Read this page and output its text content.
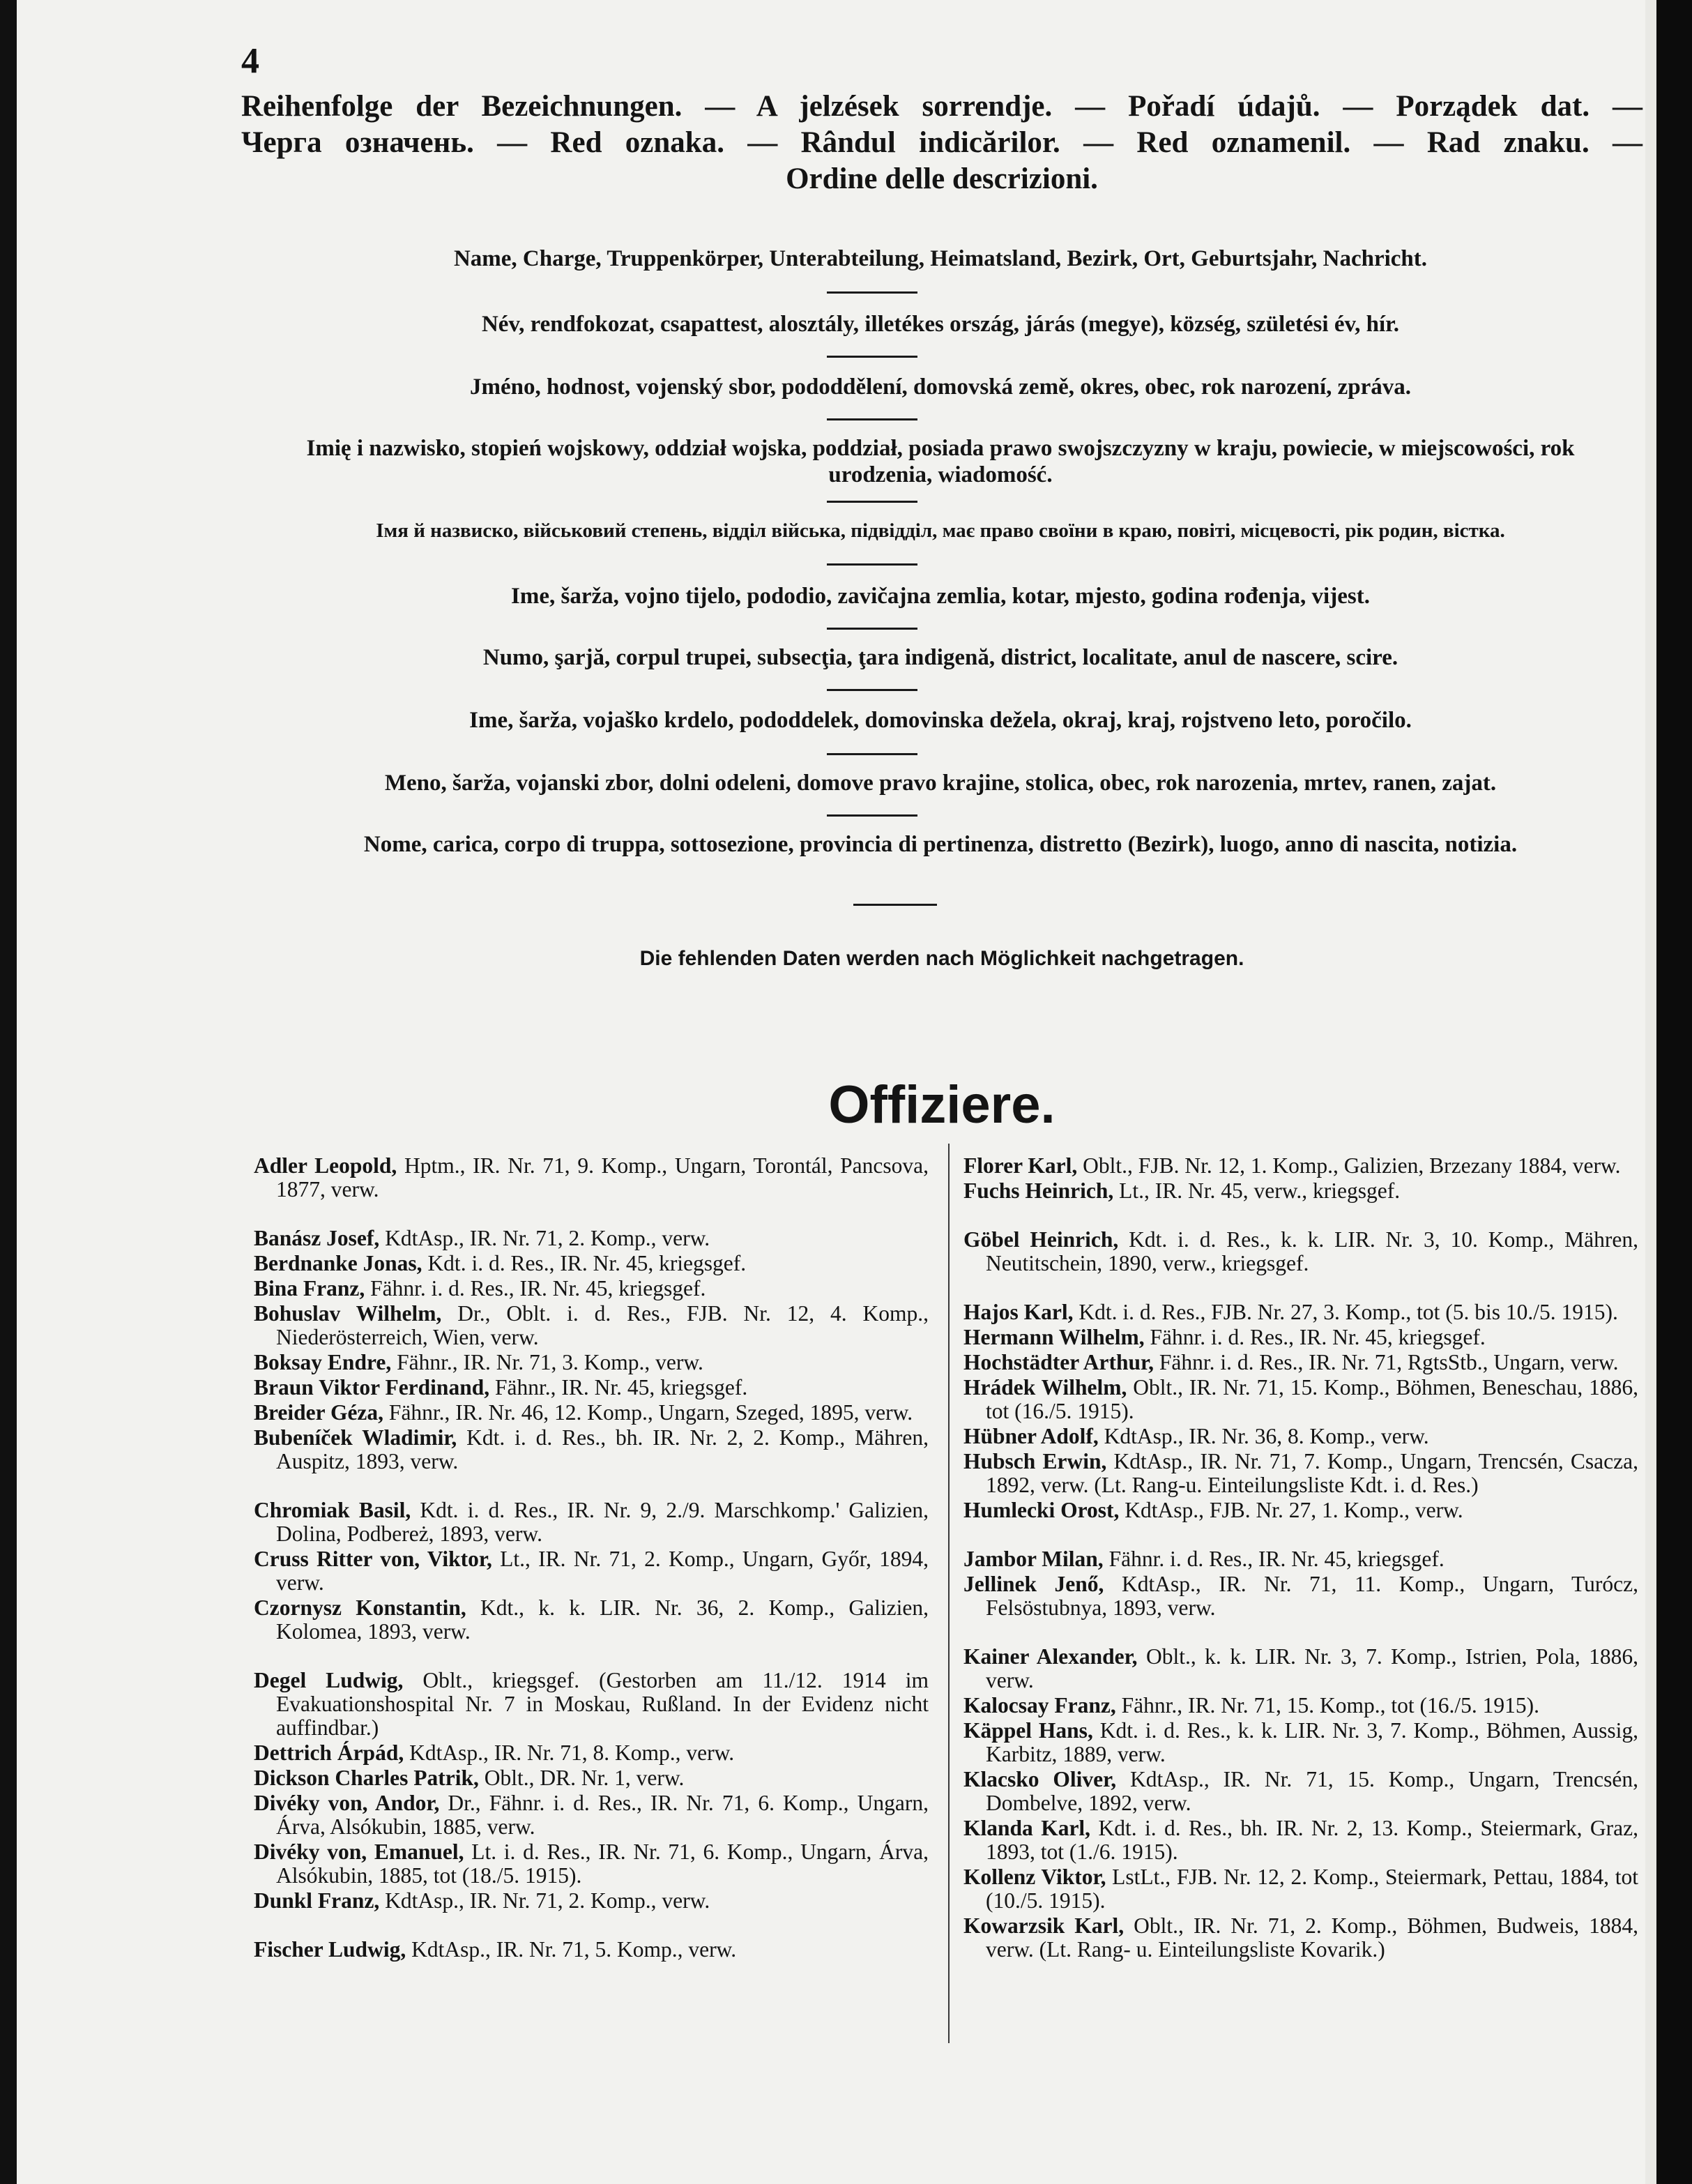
4
Reihenfolge der Bezeichnungen. — A jelzések sorrendje. — Pořadí údajů. — Porządek dat. —
Черга означень. — Red oznaka. — Rândul indicărilor. — Red oznamenil. — Rad znaku. —
Ordine delle descrizioni.
Name, Charge, Truppenkörper, Unterabteilung, Heimatsland, Bezirk, Ort, Geburtsjahr, Nachricht.
Név, rendfokozat, csapattest, alosztály, illetékes ország, járás (megye), község, születési év, hír.
Jméno, hodnost, vojenský sbor, pododdělení, domovská země, okres, obec, rok narození, zpráva.
Imię i nazwisko, stopień wojskowy, oddział wojska, poddział, posiada prawo swojszczyzny w kraju, powiecie, w miejscowości, rok urodzenia, wiadomość.
Імя й назвиско, військовий степень, відділ війська, підвідділ, має право своїни в краю, повіті, місцевості, рік родин, вістка.
Ime, šarža, vojno tijelo, pododio, zavičajna zemlia, kotar, mjesto, godina rođenja, vijest.
Numo, şarjă, corpul trupei, subsecţia, ţara indigenă, district, localitate, anul de nascere, scire.
Ime, šarža, vojaško krdelo, pododdelek, domovinska dežela, okraj, kraj, rojstveno leto, poročilo.
Meno, šarža, vojanski zbor, dolni odeleni, domove pravo krajine, stolica, obec, rok narozenia, mrtev, ranen, zajat.
Nome, carica, corpo di truppa, sottosezione, provincia di pertinenza, distretto (Bezirk), luogo, anno di nascita, notizia.
Die fehlenden Daten werden nach Möglichkeit nachgetragen.
Offiziere.
Adler Leopold, Hptm., IR. Nr. 71, 9. Komp., Ungarn, Torontál, Pancsova, 1877, verw.
Banász Josef, KdtAsp., IR. Nr. 71, 2. Komp., verw.
Berdnanke Jonas, Kdt. i. d. Res., IR. Nr. 45, kriegsgef.
Bina Franz, Fähnr. i. d. Res., IR. Nr. 45, kriegsgef.
Bohuslav Wilhelm, Dr., Oblt. i. d. Res., FJB. Nr. 12, 4. Komp., Niederösterreich, Wien, verw.
Boksay Endre, Fähnr., IR. Nr. 71, 3. Komp., verw.
Braun Viktor Ferdinand, Fähnr., IR. Nr. 45, kriegsgef.
Breider Géza, Fähnr., IR. Nr. 46, 12. Komp., Ungarn, Szeged, 1895, verw.
Bubeníček Wladimir, Kdt. i. d. Res., bh. IR. Nr. 2, 2. Komp., Mähren, Auspitz, 1893, verw.
Chromiak Basil, Kdt. i. d. Res., IR. Nr. 9, 2./9. Marschkomp.' Galizien, Dolina, Podbereż, 1893, verw.
Cruss Ritter von, Viktor, Lt., IR. Nr. 71, 2. Komp., Ungarn, Győr, 1894, verw.
Czornysz Konstantin, Kdt., k. k. LIR. Nr. 36, 2. Komp., Galizien, Kolomea, 1893, verw.
Degel Ludwig, Oblt., kriegsgef. (Gestorben am 11./12. 1914 im Evakuationshospital Nr. 7 in Moskau, Rußland. In der Evidenz nicht auffindbar.)
Dettrich Árpád, KdtAsp., IR. Nr. 71, 8. Komp., verw.
Dickson Charles Patrik, Oblt., DR. Nr. 1, verw.
Divéky von, Andor, Dr., Fähnr. i. d. Res., IR. Nr. 71, 6. Komp., Ungarn, Árva, Alsókubin, 1885, verw.
Divéky von, Emanuel, Lt. i. d. Res., IR. Nr. 71, 6. Komp., Ungarn, Árva, Alsókubin, 1885, tot (18./5. 1915).
Dunkl Franz, KdtAsp., IR. Nr. 71, 2. Komp., verw.
Fischer Ludwig, KdtAsp., IR. Nr. 71, 5. Komp., verw.
Florer Karl, Oblt., FJB. Nr. 12, 1. Komp., Galizien, Brzezany 1884, verw.
Fuchs Heinrich, Lt., IR. Nr. 45, verw., kriegsgef.
Göbel Heinrich, Kdt. i. d. Res., k. k. LIR. Nr. 3, 10. Komp., Mähren, Neutitschein, 1890, verw., kriegsgef.
Hajos Karl, Kdt. i. d. Res., FJB. Nr. 27, 3. Komp., tot (5. bis 10./5. 1915).
Hermann Wilhelm, Fähnr. i. d. Res., IR. Nr. 45, kriegsgef.
Hochstädter Arthur, Fähnr. i. d. Res., IR. Nr. 71, RgtsStb., Ungarn, verw.
Hrádek Wilhelm, Oblt., IR. Nr. 71, 15. Komp., Böhmen, Beneschau, 1886, tot (16./5. 1915).
Hübner Adolf, KdtAsp., IR. Nr. 36, 8. Komp., verw.
Hubsch Erwin, KdtAsp., IR. Nr. 71, 7. Komp., Ungarn, Trencsén, Csacza, 1892, verw. (Lt. Rang-u. Einteilungsliste Kdt. i. d. Res.)
Humlecki Orost, KdtAsp., FJB. Nr. 27, 1. Komp., verw.
Jambor Milan, Fähnr. i. d. Res., IR. Nr. 45, kriegsgef.
Jellinek Jenő, KdtAsp., IR. Nr. 71, 11. Komp., Ungarn, Turócz, Felsöstubnya, 1893, verw.
Kainer Alexander, Oblt., k. k. LIR. Nr. 3, 7. Komp., Istrien, Pola, 1886, verw.
Kalocsay Franz, Fähnr., IR. Nr. 71, 15. Komp., tot (16./5. 1915).
Käppel Hans, Kdt. i. d. Res., k. k. LIR. Nr. 3, 7. Komp., Böhmen, Aussig, Karbitz, 1889, verw.
Klacsko Oliver, KdtAsp., IR. Nr. 71, 15. Komp., Ungarn, Trencsén, Dombelve, 1892, verw.
Klanda Karl, Kdt. i. d. Res., bh. IR. Nr. 2, 13. Komp., Steiermark, Graz, 1893, tot (1./6. 1915).
Kollenz Viktor, LstLt., FJB. Nr. 12, 2. Komp., Steiermark, Pettau, 1884, tot (10./5. 1915).
Kowarzsik Karl, Oblt., IR. Nr. 71, 2. Komp., Böhmen, Budweis, 1884, verw. (Lt. Rang- u. Einteilungsliste Kovarik.)
